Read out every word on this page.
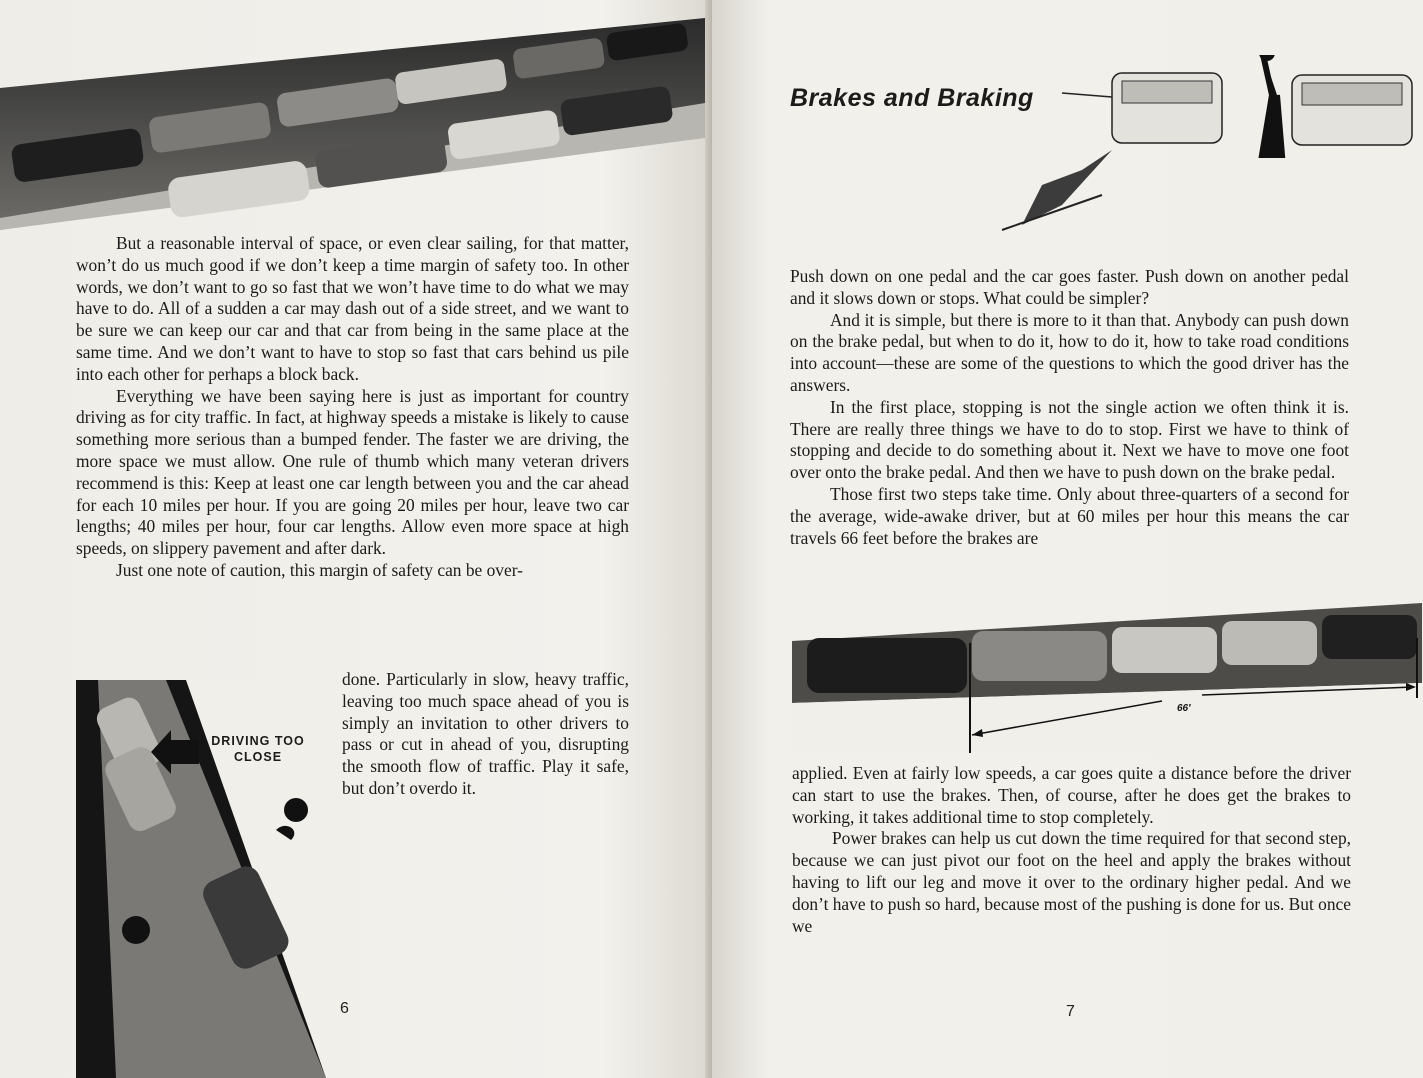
But a reasonable interval of space, or even clear sailing, for that matter, won’t do us much good if we don’t keep a time margin of safety too. In other words, we don’t want to go so fast that we won’t have time to do what we may have to do. All of a sudden a car may dash out of a side street, and we want to be sure we can keep our car and that car from being in the same place at the same time. And we don’t want to have to stop so fast that cars behind us pile into each other for perhaps a block back.

Everything we have been saying here is just as important for country driving as for city traffic. In fact, at highway speeds a mistake is likely to cause something more serious than a bumped fender. The faster we are driving, the more space we must allow. One rule of thumb which many veteran drivers recommend is this: Keep at least one car length between you and the car ahead for each 10 miles per hour. If you are going 20 miles per hour, leave two car lengths; 40 miles per hour, four car lengths. Allow even more space at high speeds, on slippery pavement and after dark.

Just one note of caution, this margin of safety can be over-

done. Particularly in slow, heavy traffic, leaving too much space ahead of you is simply an invitation to other drivers to pass or cut in ahead of you, disrupting the smooth flow of traffic. Play it safe, but don’t overdo it.

DRIVING TOO CLOSE
6
Brakes and Braking

Push down on one pedal and the car goes faster. Push down on another pedal and it slows down or stops. What could be simpler?

And it is simple, but there is more to it than that. Anybody can push down on the brake pedal, but when to do it, how to do it, how to take road conditions into account—these are some of the questions to which the good driver has the answers.

In the first place, stopping is not the single action we often think it is. There are really three things we have to do to stop. First we have to think of stopping and decide to do something about it. Next we have to move one foot over onto the brake pedal. And then we have to push down on the brake pedal.

Those first two steps take time. Only about three-quarters of a second for the average, wide-awake driver, but at 60 miles per hour this means the car travels 66 feet before the brakes are

66′

applied. Even at fairly low speeds, a car goes quite a distance before the driver can start to use the brakes. Then, of course, after he does get the brakes to working, it takes additional time to stop completely.

Power brakes can help us cut down the time required for that second step, because we can just pivot our foot on the heel and apply the brakes without having to lift our leg and move it over to the ordinary higher pedal. And we don’t have to push so hard, because most of the pushing is done for us. But once we

7
